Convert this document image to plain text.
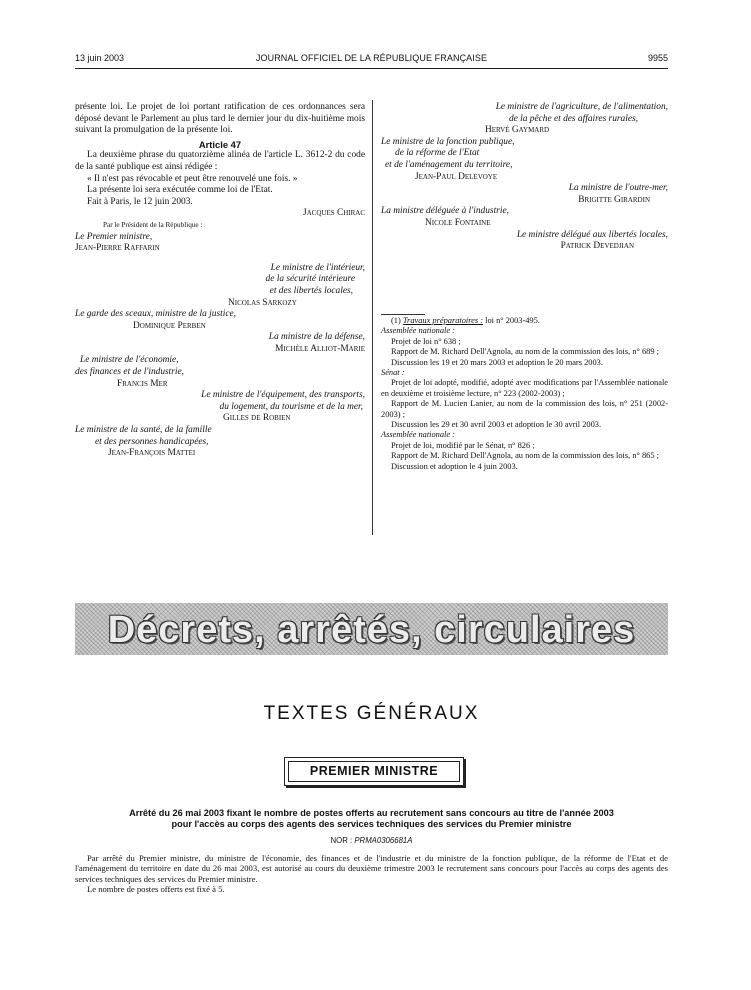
13 juin 2003	JOURNAL OFFICIEL DE LA RÉPUBLIQUE FRANÇAISE	9955
présente loi. Le projet de loi portant ratification de ces ordonnances sera déposé devant le Parlement au plus tard le dernier jour du dix-huitième mois suivant la promulgation de la présente loi.
Article 47
La deuxième phrase du quatorzième alinéa de l'article L. 3612-2 du code de la santé publique est ainsi rédigée :
« Il n'est pas révocable et peut être renouvelé une fois. »
La présente loi sera exécutée comme loi de l'Etat.
Fait à Paris, le 12 juin 2003.
Jacques Chirac
Par le Président de la République :
Le Premier ministre,
Jean-Pierre Raffarin
Le ministre de l'intérieur,
de la sécurité intérieure
et des libertés locales,
Nicolas Sarkozy
Le garde des sceaux, ministre de la justice,
Dominique Perben
La ministre de la défense,
Michèle Alliot-Marie
Le ministre de l'économie,
des finances et de l'industrie,
Francis Mer
Le ministre de l'équipement, des transports,
du logement, du tourisme et de la mer,
Gilles de Robien
Le ministre de la santé, de la famille
et des personnes handicapées,
Jean-François Mattei
Le ministre de l'agriculture, de l'alimentation,
de la pêche et des affaires rurales,
Hervé Gaymard
Le ministre de la fonction publique,
de la réforme de l'Etat
et de l'aménagement du territoire,
Jean-Paul Delevoye
La ministre de l'outre-mer,
Brigitte Girardin
La ministre déléguée à l'industrie,
Nicole Fontaine
Le ministre délégué aux libertés locales,
Patrick Devedjian
(1) Travaux préparatoires : loi n° 2003-495.
Assemblée nationale :
Projet de loi n° 638 ;
Rapport de M. Richard Dell'Agnola, au nom de la commission des lois, n° 689 ;
Discussion les 19 et 20 mars 2003 et adoption le 20 mars 2003.
Sénat :
Projet de loi adopté, modifié, adopté avec modifications par l'Assemblée nationale en deuxième et troisième lecture, n° 223 (2002-2003) ;
Rapport de M. Lucien Lanier, au nom de la commission des lois, n° 251 (2002-2003) ;
Discussion les 29 et 30 avril 2003 et adoption le 30 avril 2003.
Assemblée nationale :
Projet de loi, modifié par le Sénat, n° 826 ;
Rapport de M. Richard Dell'Agnola, au nom de la commission des lois, n° 865 ;
Discussion et adoption le 4 juin 2003.
Décrets, arrêtés, circulaires
TEXTES GÉNÉRAUX
PREMIER MINISTRE
Arrêté du 26 mai 2003 fixant le nombre de postes offerts au recrutement sans concours au titre de l'année 2003
pour l'accès au corps des agents des services techniques des services du Premier ministre
NOR : PRMA0306681A
Par arrêté du Premier ministre, du ministre de l'économie, des finances et de l'industrie et du ministre de la fonction publique, de la réforme de l'Etat et de l'aménagement du territoire en date du 26 mai 2003, est autorisé au cours du deuxième trimestre 2003 le recrutement sans concours pour l'accès au corps des agents des services techniques des services du Premier ministre.
Le nombre de postes offerts est fixé à 5.
